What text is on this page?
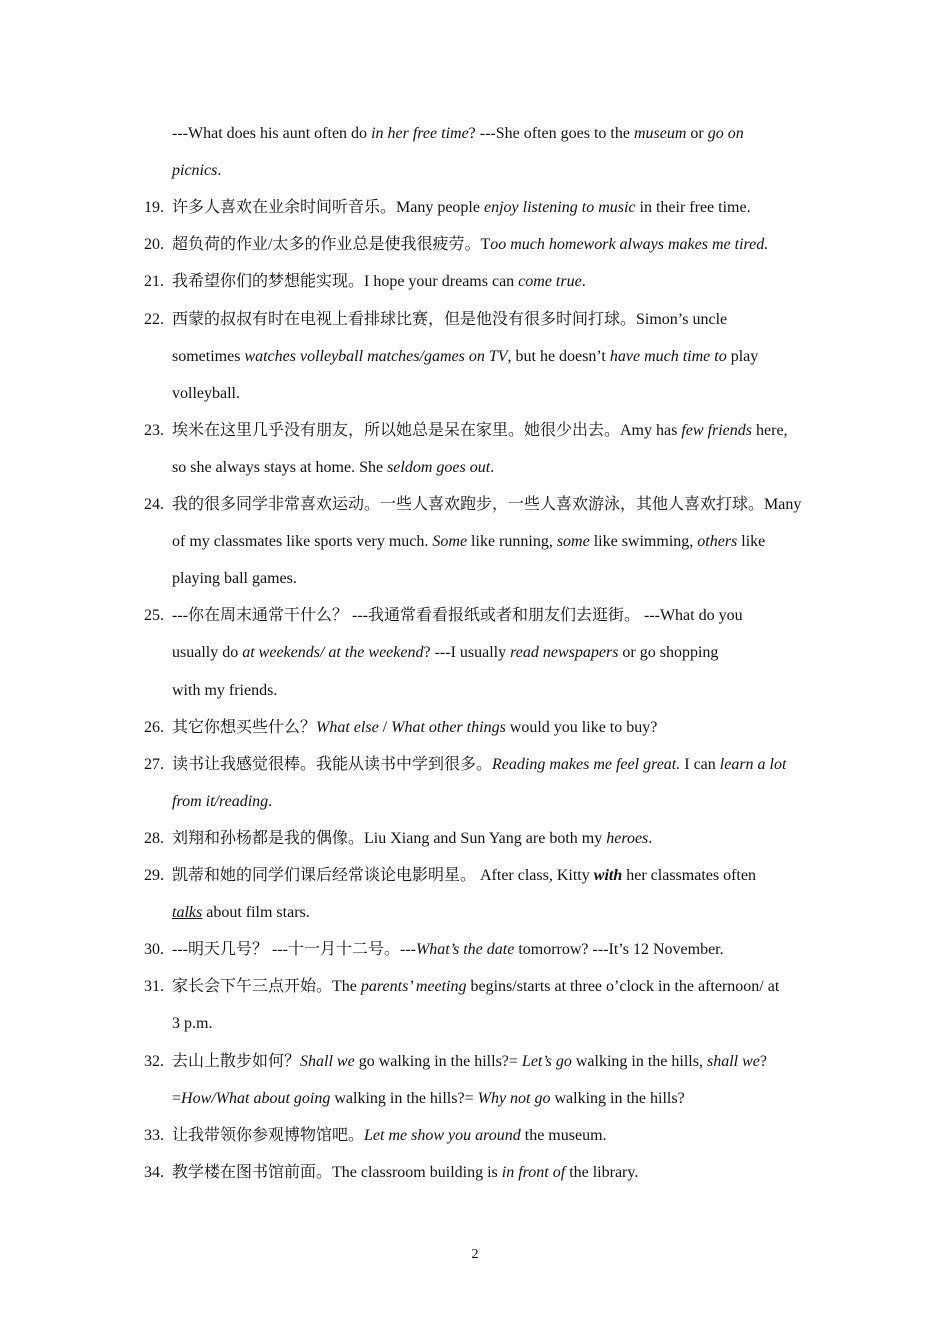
---What does his aunt often do in her free time? ---She often goes to the museum or go on
picnics.
19. 许多人喜欢在业余时间听音乐。Many people enjoy listening to music in their free time.
20. 超负荷的作业/太多的作业总是使我很疲劳。Too much homework always makes me tired.
21. 我希望你们的梦想能实现。I hope your dreams can come true.
22. 西蒙的叔叔有时在电视上看排球比赛，但是他没有很多时间打球。Simon’s uncle
sometimes watches volleyball matches/games on TV, but he doesn’t have much time to play
volleyball.
23. 埃米在这里几乎没有朋友，所以她总是呆在家里。她很少出去。Amy has few friends here,
so she always stays at home. She seldom goes out.
24. 我的很多同学非常喜欢运动。一些人喜欢跑步，一些人喜欢游泳，其他人喜欢打球。Many
of my classmates like sports very much. Some like running, some like swimming, others like
playing ball games.
25. ---你在周末通常干什么？ ---我通常看看报纸或者和朋友们去逛街。 ---What do you
usually do at weekends/ at the weekend? ---I usually read newspapers or go shopping
with my friends.
26. 其它你想买些什么？What else / What other things would you like to buy?
27. 读书让我感觉很棒。我能从读书中学到很多。Reading makes me feel great. I can learn a lot
from it/reading.
28. 刘翔和孙杨都是我的偶像。Liu Xiang and Sun Yang are both my heroes.
29. 凯蒂和她的同学们课后经常谈论电影明星。 After class, Kitty with her classmates often
talks about film stars.
30. ---明天几号？ ---十一月十二号。---What’s the date tomorrow? ---It’s 12 November.
31. 家长会下午三点开始。The parents’ meeting begins/starts at three o’clock in the afternoon/ at
3 p.m.
32. 去山上散步如何？Shall we go walking in the hills?= Let’s go walking in the hills, shall we?
=How/What about going walking in the hills?= Why not go walking in the hills?
33. 让我带领你参观博物馆吧。Let me show you around the museum.
34. 教学楼在图书馆前面。The classroom building is in front of the library.
2
